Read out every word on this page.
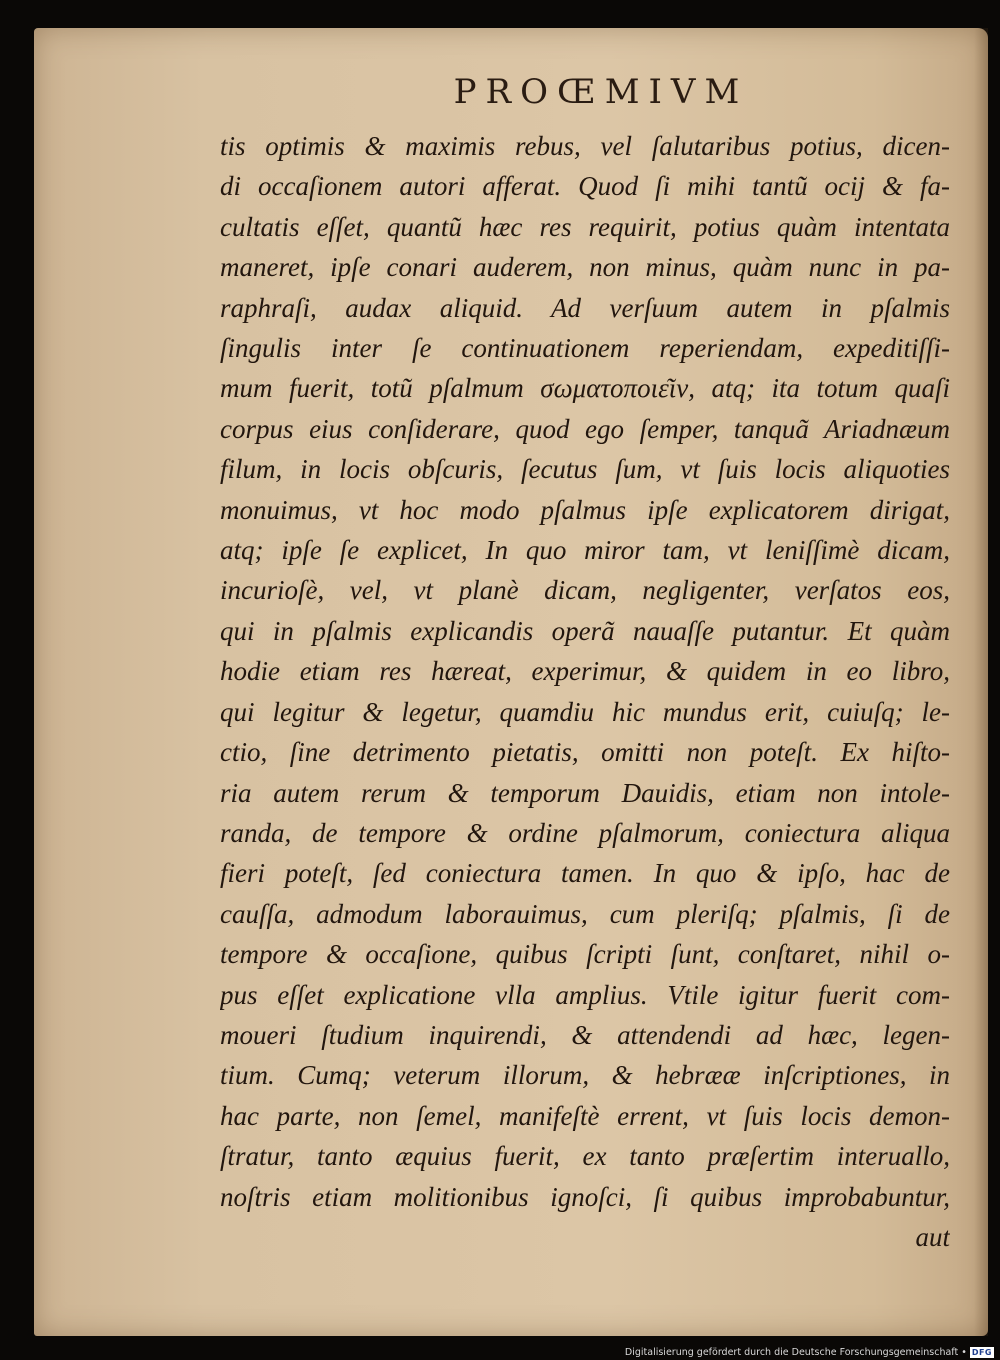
PROŒMIVM
tis optimis & maximis rebus, vel ſalutaribus potius, dicen-
di occaſionem autori afferat. Quod ſi mihi tantũ ocij & fa-
cultatis eſſet, quantũ hæc res requirit, potius quàm intentata
maneret, ipſe conari auderem, non minus, quàm nunc in pa-
raphraſi, audax aliquid. Ad verſuum autem in pſalmis
ſingulis inter ſe continuationem reperiendam, expeditiſſi-
mum fuerit, totũ pſalmum σωματοποιε͂ιν, atq; ita totum quaſi
corpus eius conſiderare, quod ego ſemper, tanquã Ariadnæum
filum, in locis obſcuris, ſecutus ſum, vt ſuis locis aliquoties
monuimus, vt hoc modo pſalmus ipſe explicatorem dirigat,
atq; ipſe ſe explicet, In quo miror tam, vt leniſſimè dicam,
incurioſè, vel, vt planè dicam, negligenter, verſatos eos,
qui in pſalmis explicandis operã nauaſſe putantur. Et quàm
hodie etiam res hæreat, experimur, & quidem in eo libro,
qui legitur & legetur, quamdiu hic mundus erit, cuiuſq; le-
ctio, ſine detrimento pietatis, omitti non poteſt. Ex hiſto-
ria autem rerum & temporum Dauidis, etiam non intole-
randa, de tempore & ordine pſalmorum, coniectura aliqua
fieri poteſt, ſed coniectura tamen. In quo & ipſo, hac de
cauſſa, admodum laborauimus, cum pleriſq; pſalmis, ſi de
tempore & occaſione, quibus ſcripti ſunt, conſtaret, nihil o-
pus eſſet explicatione vlla amplius. Vtile igitur fuerit com-
moueri ſtudium inquirendi, & attendendi ad hæc, legen-
tium. Cumq; veterum illorum, & hebrææ inſcriptiones, in
hac parte, non ſemel, manifeſtè errent, vt ſuis locis demon-
ſtratur, tanto æquius fuerit, ex tanto præſertim interuallo,
noſtris etiam molitionibus ignoſci, ſi quibus improbabuntur,
aut
Digitalisierung gefördert durch die Deutsche Forschungsgemeinschaft • DFG
